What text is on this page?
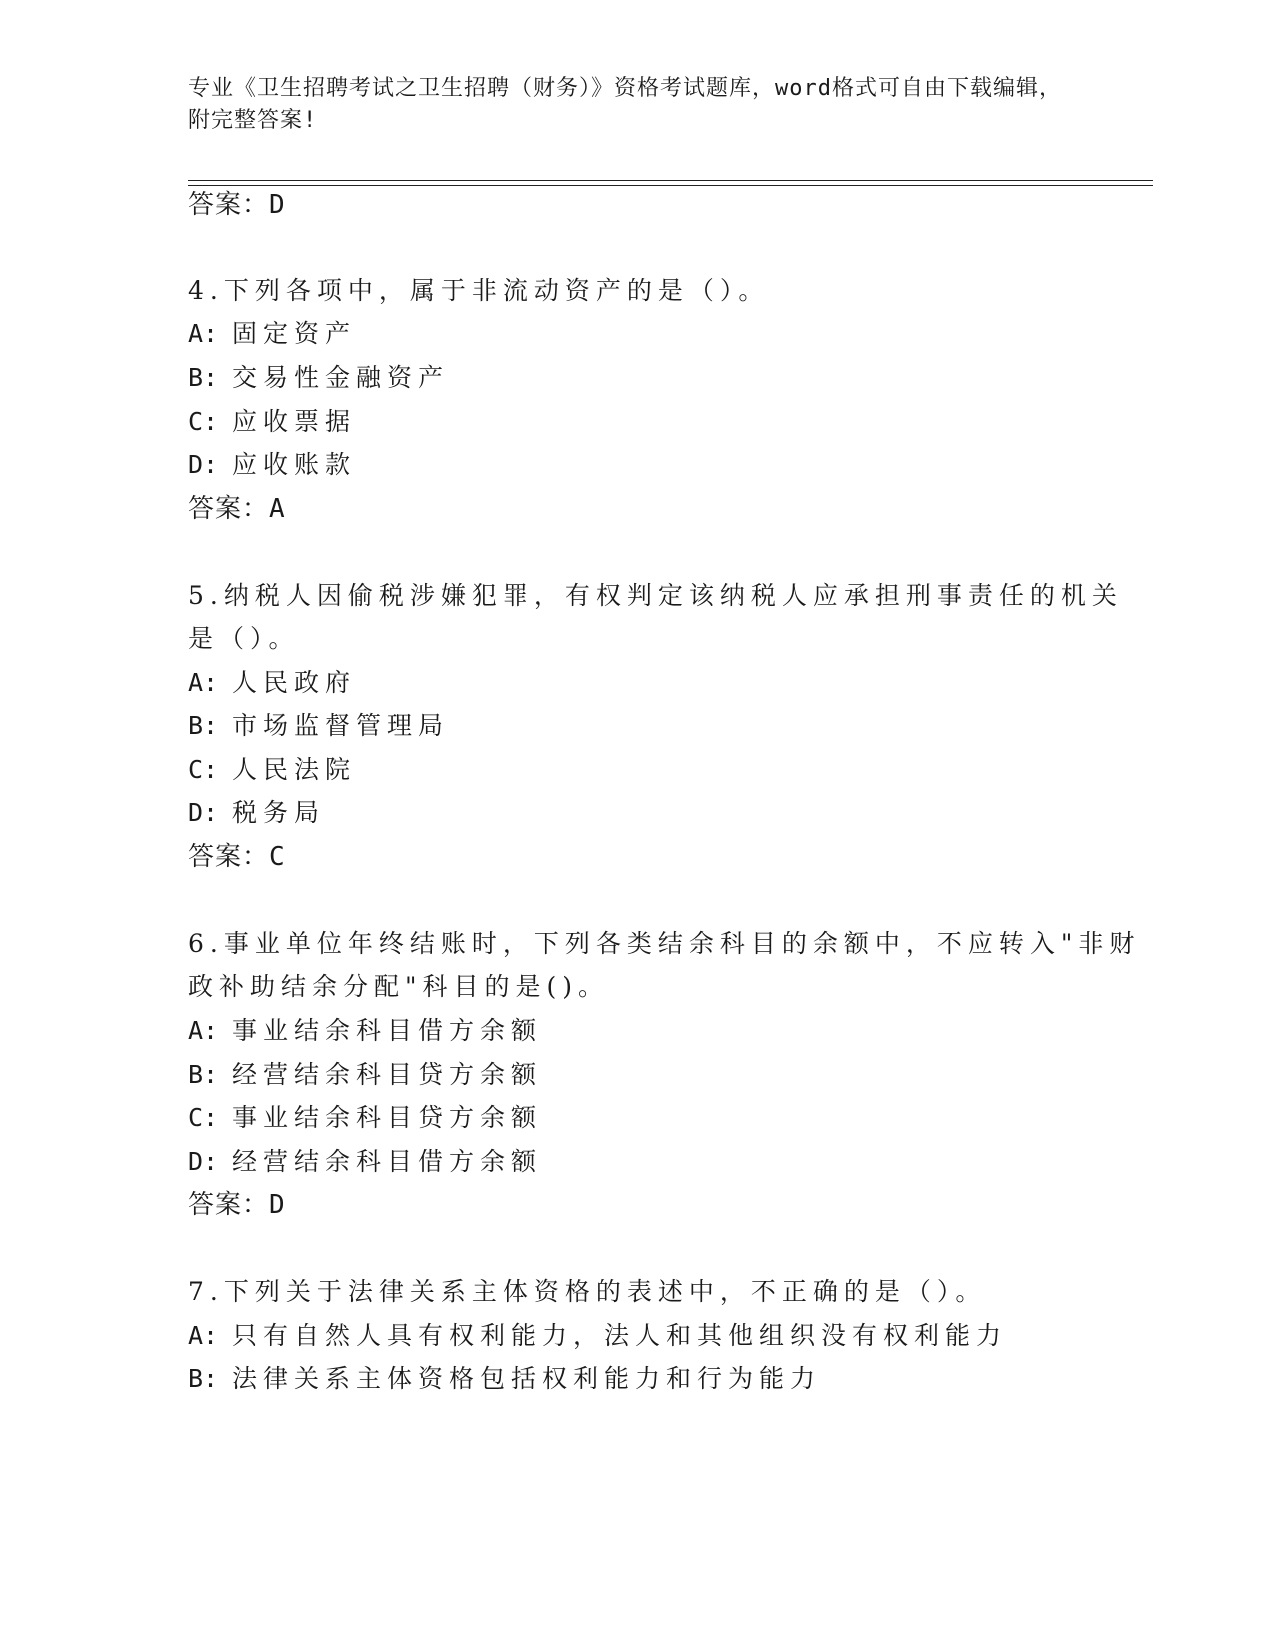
专业《卫生招聘考试之卫生招聘（财务）》资格考试题库，word格式可自由下载编辑，附完整答案!
答案：D
4.下列各项中，属于非流动资产的是（）。
A: 固定资产
B: 交易性金融资产
C: 应收票据
D: 应收账款
答案：A
5.纳税人因偷税涉嫌犯罪，有权判定该纳税人应承担刑事责任的机关
是（）。
A: 人民政府
B: 市场监督管理局
C: 人民法院
D: 税务局
答案：C
6.事业单位年终结账时，下列各类结余科目的余额中，不应转入"非财
政补助结余分配"科目的是()。
A: 事业结余科目借方余额
B: 经营结余科目贷方余额
C: 事业结余科目贷方余额
D: 经营结余科目借方余额
答案：D
7.下列关于法律关系主体资格的表述中，不正确的是（）。
A: 只有自然人具有权利能力，法人和其他组织没有权利能力
B: 法律关系主体资格包括权利能力和行为能力
